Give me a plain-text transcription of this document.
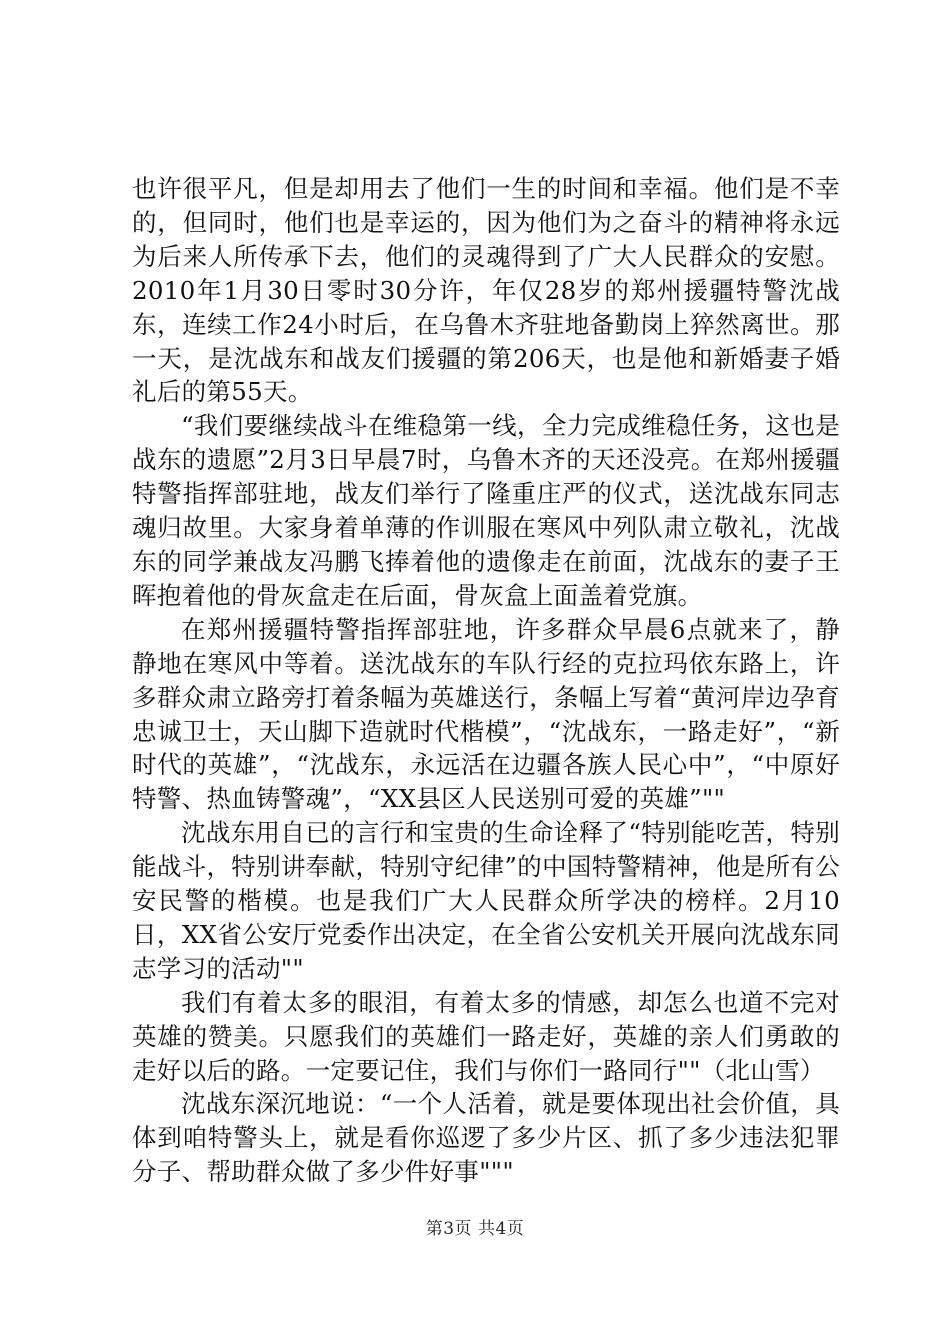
也许很平凡，但是却用去了他们一生的时间和幸福。他们是不幸的，但同时，他们也是幸运的，因为他们为之奋斗的精神将永远为后来人所传承下去，他们的灵魂得到了广大人民群众的安慰。2010年1月30日零时30分许，年仅28岁的郑州援疆特警沈战东，连续工作24小时后，在乌鲁木齐驻地备勤岗上猝然离世。那一天，是沈战东和战友们援疆的第206天，也是他和新婚妻子婚礼后的第55天。

“我们要继续战斗在维稳第一线，全力完成维稳任务，这也是战东的遗愿”2月3日早晨7时，乌鲁木齐的天还没亮。在郑州援疆特警指挥部驻地，战友们举行了隆重庄严的仪式，送沈战东同志魂归故里。大家身着单薄的作训服在寒风中列队肃立敬礼，沈战东的同学兼战友冯鹏飞捧着他的遗像走在前面，沈战东的妻子王晖抱着他的骨灰盒走在后面，骨灰盒上面盖着党旗。

在郑州援疆特警指挥部驻地，许多群众早晨6点就来了，静静地在寒风中等着。送沈战东的车队行经的克拉玛依东路上，许多群众肃立路旁打着条幅为英雄送行，条幅上写着“黄河岸边孕育忠诚卫士，天山脚下造就时代楷模”，“沈战东，一路走好”，“新时代的英雄”，“沈战东，永远活在边疆各族人民心中”，“中原好特警、热血铸警魂”，“XX县区人民送别可爱的英雄”""

沈战东用自已的言行和宝贵的生命诠释了“特别能吃苦，特别能战斗，特别讲奉献，特别守纪律”的中国特警精神，他是所有公安民警的楷模。也是我们广大人民群众所学决的榜样。2月10日，XX省公安厅党委作出决定，在全省公安机关开展向沈战东同志学习的活动""

我们有着太多的眼泪，有着太多的情感，却怎么也道不完对英雄的赞美。只愿我们的英雄们一路走好，英雄的亲人们勇敢的走好以后的路。一定要记住，我们与你们一路同行""（北山雪）

沈战东深沉地说：“一个人活着，就是要体现出社会价值，具体到咱特警头上，就是看你巡逻了多少片区、抓了多少违法犯罪分子、帮助群众做了多少件好事"""

第3页 共4页
